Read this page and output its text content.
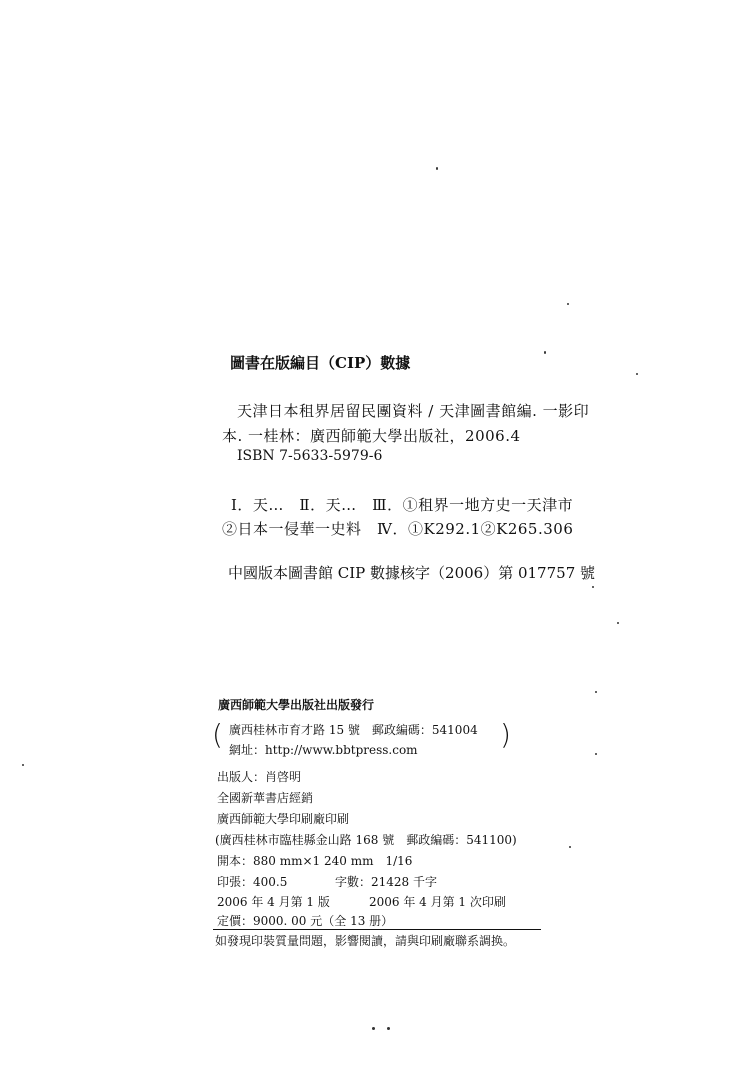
圖書在版編目（CIP）數據
天津日本租界居留民團資料 / 天津圖書館編. 一影印
本. 一桂林：廣西師範大學出版社，2006.4
ISBN 7-5633-5979-6
Ⅰ．天…　Ⅱ．天…　Ⅲ．①租界一地方史一天津市
②日本一侵華一史料　Ⅳ．①K292.1②K265.306
中國版本圖書館 CIP 數據核字（2006）第 017757 號
廣西師範大學出版社出版發行
( 廣西桂林市育才路 15 號　郵政編碼：541004
網址：http://www.bbtpress.com	)
出版人：肖啓明
全國新華書店經銷
廣西師範大學印刷廠印刷
(廣西桂林市臨桂縣金山路 168 號　郵政編碼：541100)
開本：880 mm×1 240 mm　1/16
印張：400.5	字數：21428 千字
2006 年 4 月第 1 版	2006 年 4 月第 1 次印刷
定價：9000. 00 元（全 13 册）
如發現印裝質量問題，影響閱讀，請與印刷廠聯系調换。
